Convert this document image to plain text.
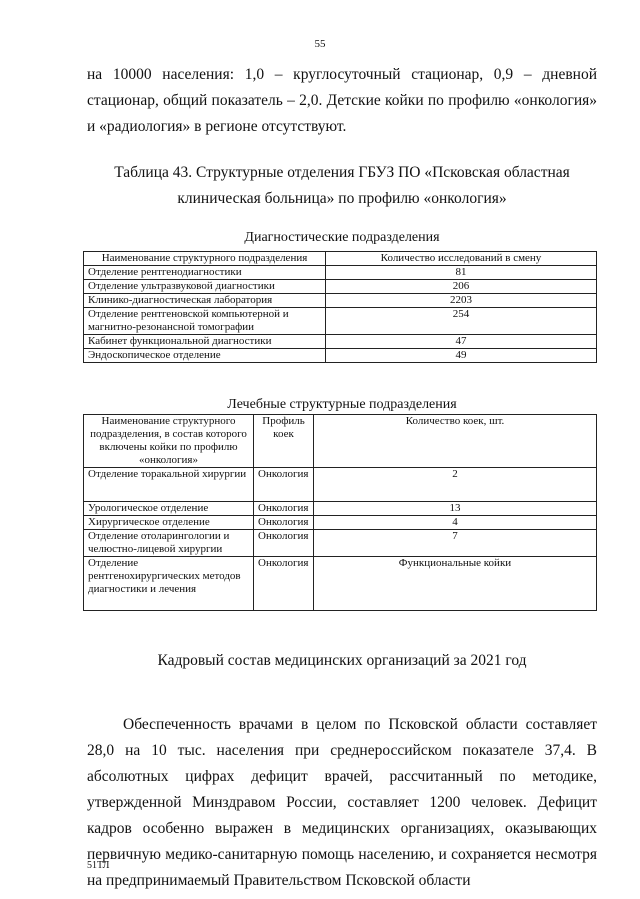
55

на 10000 населения: 1,0 – круглосуточный стационар, 0,9 – дневной стационар, общий показатель – 2,0. Детские койки по профилю «онкология» и «радиология» в регионе отсутствуют.

Таблица 43. Структурные отделения ГБУЗ ПО «Псковская областная клиническая больница» по профилю «онкология»
Диагностические подразделения
Наименование структурного подразделения	Количество исследований в смену
Отделение рентгенодиагностики	81
Отделение ультразвуковой диагностики	206
Клинико-диагностическая лаборатория	2203
Отделение рентгеновской компьютерной и магнитно-резонансной томографии	254
Кабинет функциональной диагностики	47
Эндоскопическое отделение	49
Лечебные структурные подразделения
Наименование структурного подразделения, в состав которого включены койки по профилю «онкология»	Профиль коек	Количество коек, шт.
Отделение торакальной хирургии	Онкология	2
Урологическое отделение	Онкология	13
Хирургическое отделение	Онкология	4
Отделение отоларингологии и челюстно-лицевой хирургии	Онкология	7
Отделение рентгенохирургических методов диагностики и лечения	Онкология	Функциональные койки
Кадровый состав медицинских организаций за 2021 год

Обеспеченность врачами в целом по Псковской области составляет 28,0 на 10 тыс. населения при среднероссийском показателе 37,4. В абсолютных цифрах дефицит врачей, рассчитанный по методике, утвержденной Минздравом России, составляет 1200 человек. Дефицит кадров особенно выражен в медицинских организациях, оказывающих первичную медико-санитарную помощь населению, и сохраняется несмотря на предпринимаемый Правительством Псковской области

51ТЛ
